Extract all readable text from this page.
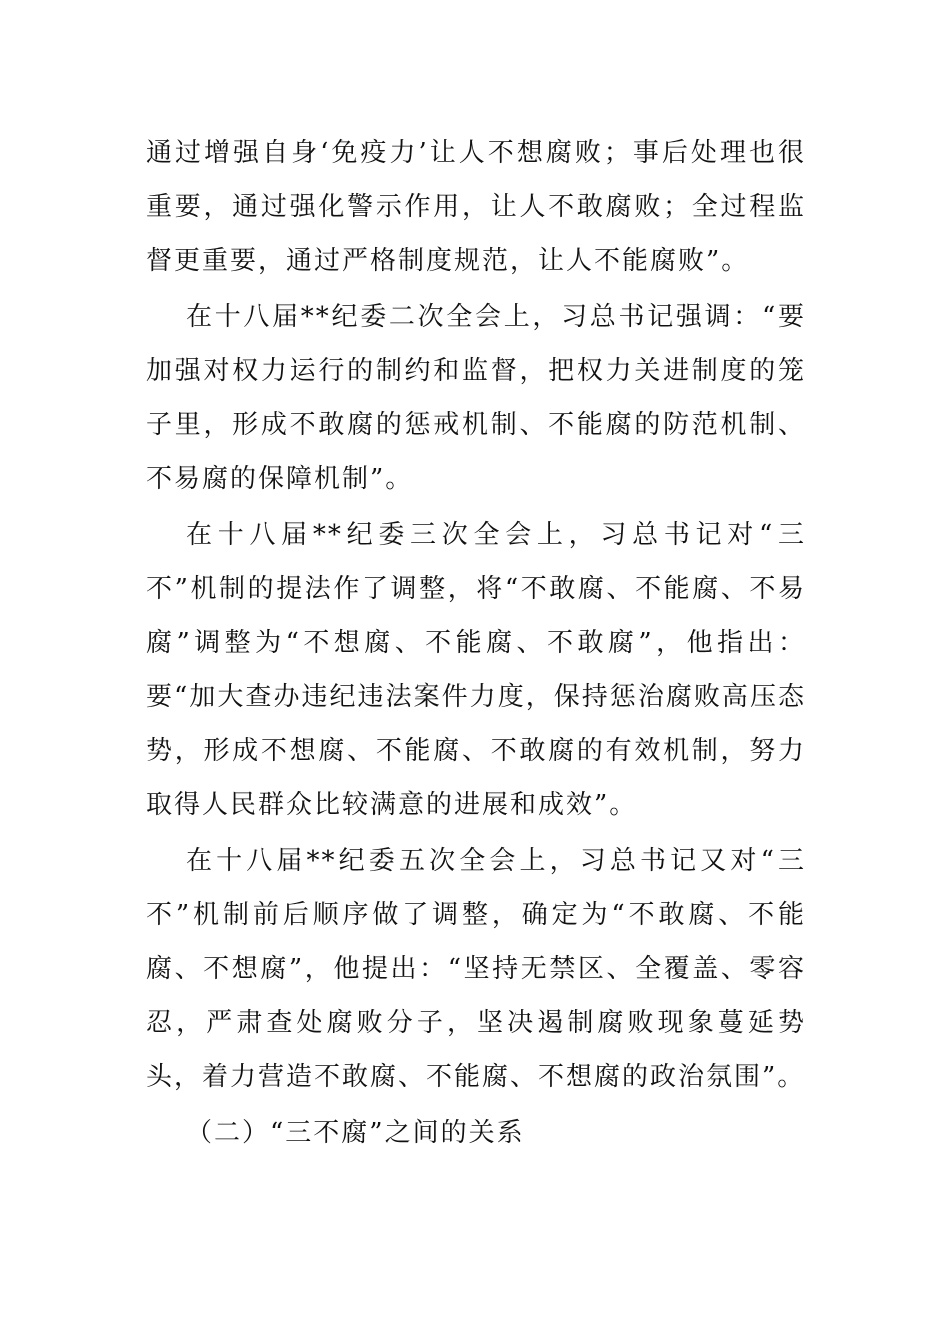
通过增强自身‘免疫力’让人不想腐败；事后处理也很重要，通过强化警示作用，让人不敢腐败；全过程监督更重要，通过严格制度规范，让人不能腐败”。

在十八届**纪委二次全会上，习总书记强调：“要加强对权力运行的制约和监督，把权力关进制度的笼子里，形成不敢腐的惩戒机制、不能腐的防范机制、不易腐的保障机制”。

在十八届**纪委三次全会上，习总书记对“三不”机制的提法作了调整，将“不敢腐、不能腐、不易腐”调整为“不想腐、不能腐、不敢腐”，他指出：要“加大查办违纪违法案件力度，保持惩治腐败高压态势，形成不想腐、不能腐、不敢腐的有效机制，努力取得人民群众比较满意的进展和成效”。

在十八届**纪委五次全会上，习总书记又对“三不”机制前后顺序做了调整，确定为“不敢腐、不能腐、不想腐”，他提出：“坚持无禁区、全覆盖、零容忍，严肃查处腐败分子，坚决遏制腐败现象蔓延势头，着力营造不敢腐、不能腐、不想腐的政治氛围”。

（二）“三不腐”之间的关系
